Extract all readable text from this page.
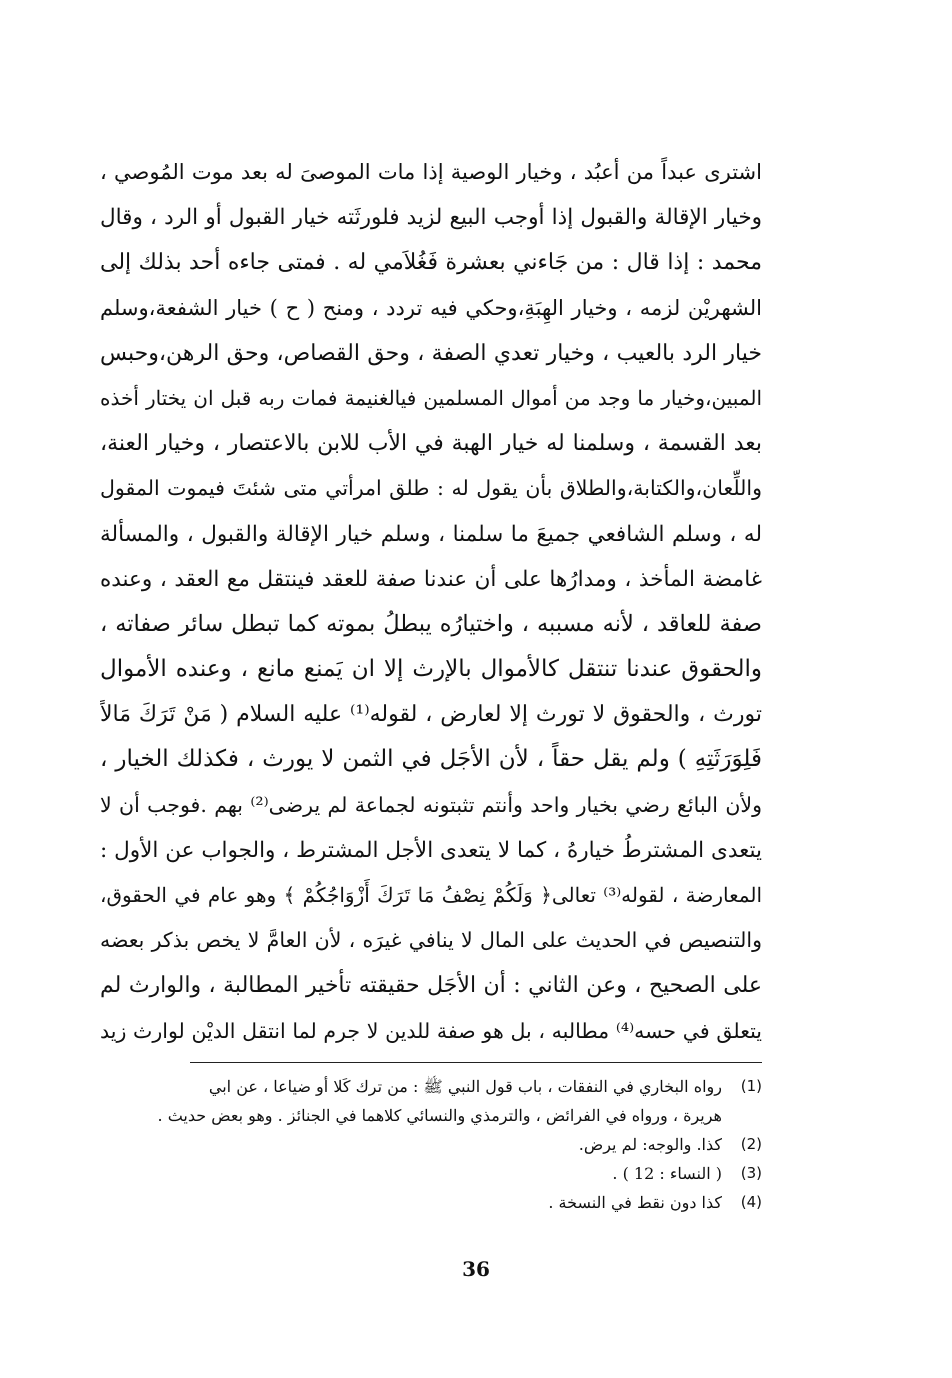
اشترى عبداً من أعبُد ، وخيار الوصية إذا مات الموصىَ له بعد موت المُوصي ،
وخيار الإقالة والقبول إذا أوجب البيع لزيد فلورثَته خيار القبول أو الرد ، وقال
محمد : إذا قال : من جَاءني بعشرة فَغُلاَمي له . فمتى جاءه أحد بذلك إلى
الشهريْن لزمه ، وخيار الهِبَةِ،وحكي فيه تردد ، ومنح ( ح ) خيار الشفعة،وسلم
خيار الرد بالعيب ، وخيار تعدي الصفة ، وحق القصاص، وحق الرهن،وحبس
المبين،وخيار ما وجد من أموال المسلمين فيالغنيمة فمات ربه قبل ان يختار أخذه
بعد القسمة ، وسلمنا له خيار الهبة في الأب للابن بالاعتصار ، وخيار العنة،
واللِّعان،والكتابة،والطلاق بأن يقول له : طلق امرأتي متى شئتَ فيموت المقول
له ، وسلم الشافعي جميعَ ما سلمنا ، وسلم خيار الإقالة والقبول ، والمسألة
غامضة المأخذ ، ومدارُها على أن عندنا صفة للعقد فينتقل مع العقد ، وعنده
صفة للعاقد ، لأنه مسببه ، واختيارُه يبطلُ بموته كما تبطل سائر صفاته ،
والحقوق عندنا تنتقل كالأموال بالإرث إلا ان يَمنع مانع ، وعنده الأموال
تورث ، والحقوق لا تورث إلا لعارض ، لقوله⁽¹⁾ عليه السلام ( مَنْ تَرَكَ مَالاً
فَلِوَرَثَتِهِ ) ولم يقل حقاً ، لأن الأجَل في الثمن لا يورث ، فكذلك الخيار ،
ولأن البائع رضي بخيار واحد وأنتم تثبتونه لجماعة لم يرضى⁽²⁾ بهم .فوجب أن لا
يتعدى المشترطُ خيارهُ ، كما لا يتعدى الأجل المشترط ، والجواب عن الأول :
المعارضة ، لقوله⁽³⁾ تعالى﴿ وَلَكُمْ نِصْفُ مَا تَرَكَ أَزْوَاجُكُمْ ﴾ وهو عام في الحقوق،
والتنصيص في الحديث على المال لا ينافي غيرَه ، لأن العامَّ لا يخص بذكر بعضه
على الصحيح ، وعن الثاني : أن الأجَل حقيقته تأخير المطالبة ، والوارث لم
يتعلق في حسه⁽⁴⁾ مطالبه ، بل هو صفة للدين لا جرم لما انتقل الديْن لوارث زيد
(1)
رواه البخاري في النفقات ، باب قول النبي ﷺ : من ترك كَلا أو ضياعا ، عن ابي
هريرة ، ورواه في الفرائض ، والترمذي والنسائي كلاهما في الجنائز . وهو بعض حديث .
(2)
كذا. والوجه: لم يرض.
(3)
( النساء : 12 ) .
(4)
كذا دون نقط في النسخة .
36
